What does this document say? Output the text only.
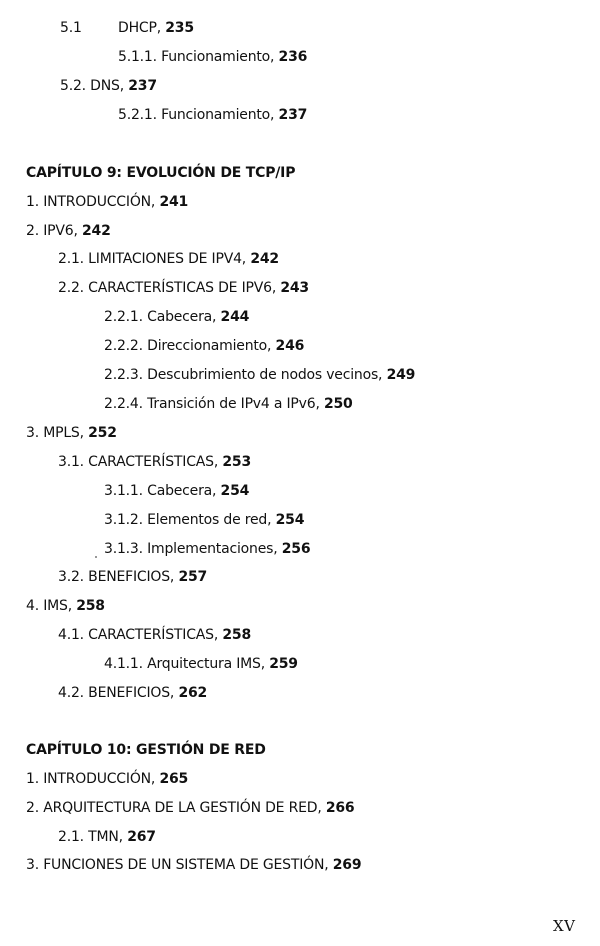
5.1	DHCP, 235
5.1.1. Funcionamiento, 236
5.2. DNS, 237
5.2.1. Funcionamiento, 237
CAPÍTULO 9: EVOLUCIÓN DE TCP/IP
1. INTRODUCCIÓN, 241
2. IPV6, 242
2.1. LIMITACIONES DE IPV4, 242
2.2. CARACTERÍSTICAS DE IPV6, 243
2.2.1. Cabecera, 244
2.2.2. Direccionamiento, 246
2.2.3. Descubrimiento de nodos vecinos, 249
2.2.4. Transición de IPv4 a IPv6, 250
3. MPLS, 252
3.1. CARACTERÍSTICAS, 253
3.1.1. Cabecera, 254
3.1.2. Elementos de red, 254
3.1.3. Implementaciones, 256
3.2. BENEFICIOS, 257
4. IMS, 258
4.1. CARACTERÍSTICAS, 258
4.1.1. Arquitectura IMS, 259
4.2. BENEFICIOS, 262
CAPÍTULO 10: GESTIÓN DE RED
1. INTRODUCCIÓN, 265
2. ARQUITECTURA DE LA GESTIÓN DE RED, 266
2.1. TMN, 267
3. FUNCIONES DE UN SISTEMA DE GESTIÓN, 269
XV
